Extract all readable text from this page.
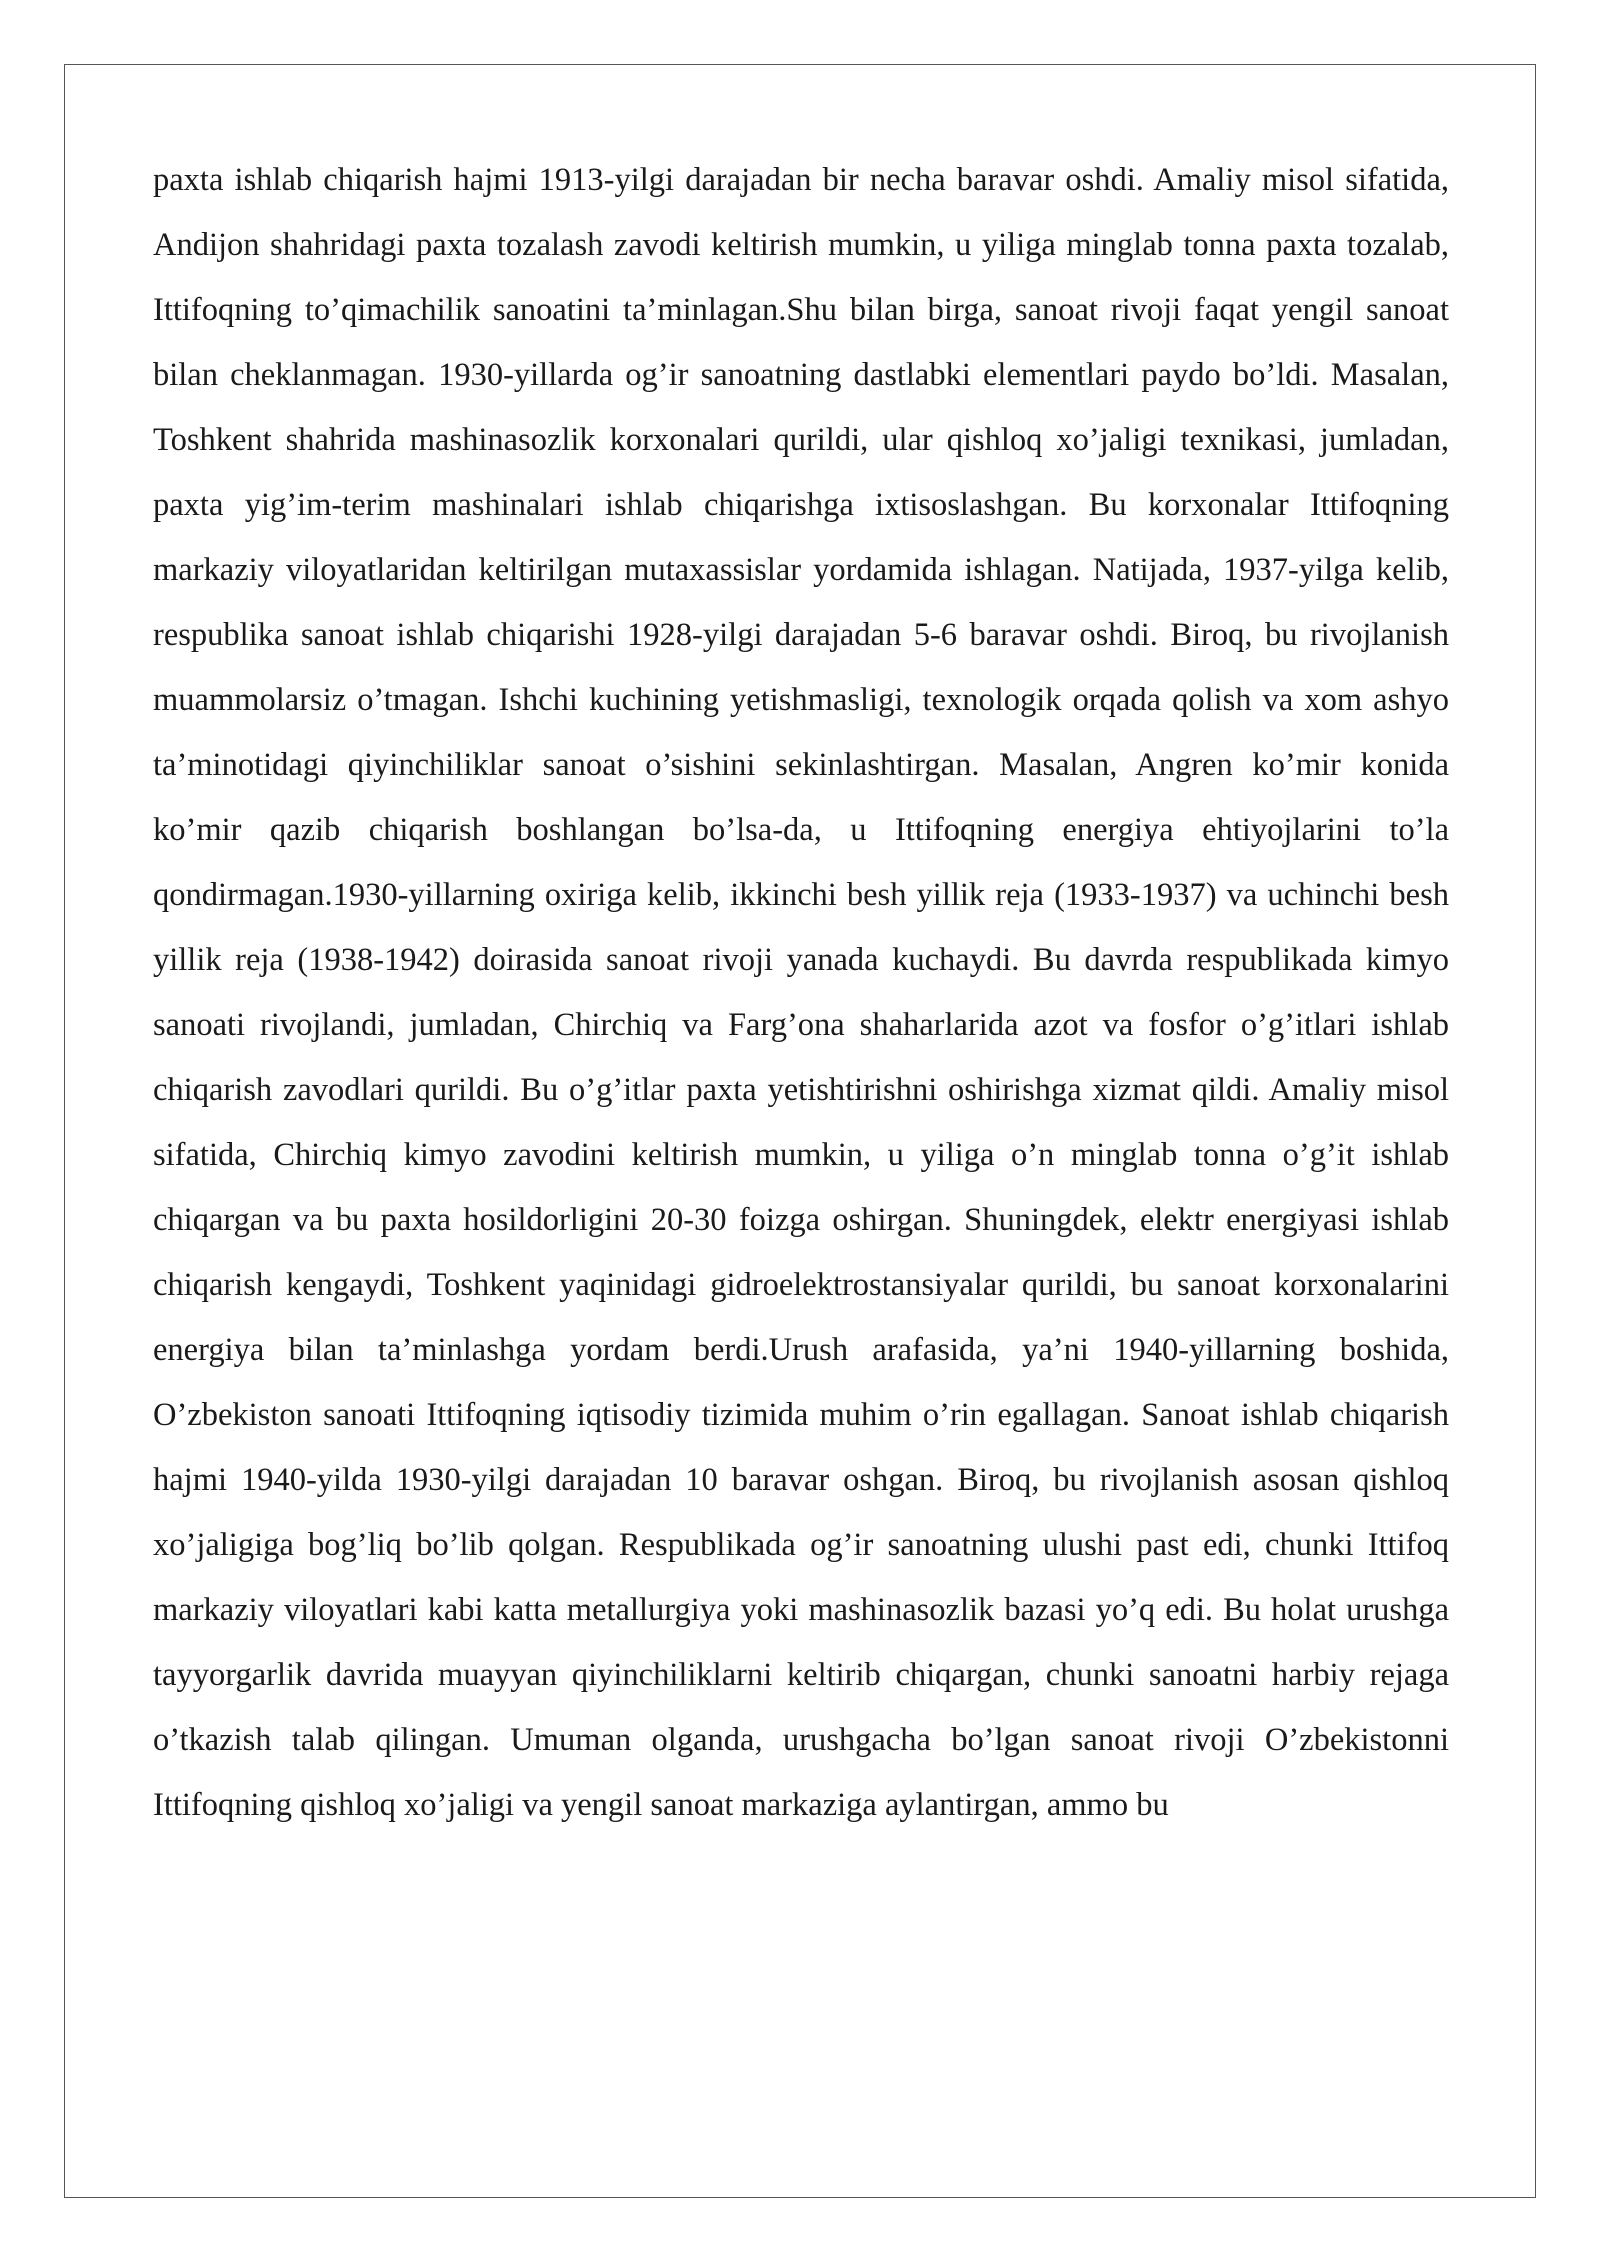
paxta ishlab chiqarish hajmi 1913-yilgi darajadan bir necha baravar oshdi. Amaliy misol sifatida, Andijon shahridagi paxta tozalash zavodi keltirish mumkin, u yiliga minglab tonna paxta tozalab, Ittifoqning to’qimachilik sanoatini ta’minlagan.Shu bilan birga, sanoat rivoji faqat yengil sanoat bilan cheklanmagan. 1930-yillarda og’ir sanoatning dastlabki elementlari paydo bo’ldi. Masalan, Toshkent shahrida mashinasozlik korxonalari qurildi, ular qishloq xo’jaligi texnikasi, jumladan, paxta yig’im-terim mashinalari ishlab chiqarishga ixtisoslashgan. Bu korxonalar Ittifoqning markaziy viloyatlaridan keltirilgan mutaxassislar yordamida ishlagan. Natijada, 1937-yilga kelib, respublika sanoat ishlab chiqarishi 1928-yilgi darajadan 5-6 baravar oshdi. Biroq, bu rivojlanish muammolarsiz o’tmagan. Ishchi kuchining yetishmasligi, texnologik orqada qolish va xom ashyo ta’minotidagi qiyinchiliklar sanoat o’sishini sekinlashtirgan. Masalan, Angren ko’mir konida ko’mir qazib chiqarish boshlangan bo’lsa-da, u Ittifoqning energiya ehtiyojlarini to’la qondirmagan.1930-yillarning oxiriga kelib, ikkinchi besh yillik reja (1933-1937) va uchinchi besh yillik reja (1938-1942) doirasida sanoat rivoji yanada kuchaydi. Bu davrda respublikada kimyo sanoati rivojlandi, jumladan, Chirchiq va Farg’ona shaharlarida azot va fosfor o’g’itlari ishlab chiqarish zavodlari qurildi. Bu o’g’itlar paxta yetishtirishni oshirishga xizmat qildi. Amaliy misol sifatida, Chirchiq kimyo zavodini keltirish mumkin, u yiliga o’n minglab tonna o’g’it ishlab chiqargan va bu paxta hosildorligini 20-30 foizga oshirgan. Shuningdek, elektr energiyasi ishlab chiqarish kengaydi, Toshkent yaqinidagi gidroelektrostansiyalar qurildi, bu sanoat korxonalarini energiya bilan ta’minlashga yordam berdi.Urush arafasida, ya’ni 1940-yillarning boshida, O’zbekiston sanoati Ittifoqning iqtisodiy tizimida muhim o’rin egallagan. Sanoat ishlab chiqarish hajmi 1940-yilda 1930-yilgi darajadan 10 baravar oshgan. Biroq, bu rivojlanish asosan qishloq xo’jaligiga bog’liq bo’lib qolgan. Respublikada og’ir sanoatning ulushi past edi, chunki Ittifoq markaziy viloyatlari kabi katta metallurgiya yoki mashinasozlik bazasi yo’q edi. Bu holat urushga tayyorgarlik davrida muayyan qiyinchiliklarni keltirib chiqargan, chunki sanoatni harbiy rejaga o’tkazish talab qilingan. Umuman olganda, urushgacha bo’lgan sanoat rivoji O’zbekistonni Ittifoqning qishloq xo’jaligi va yengil sanoat markaziga aylantirgan, ammo bu
